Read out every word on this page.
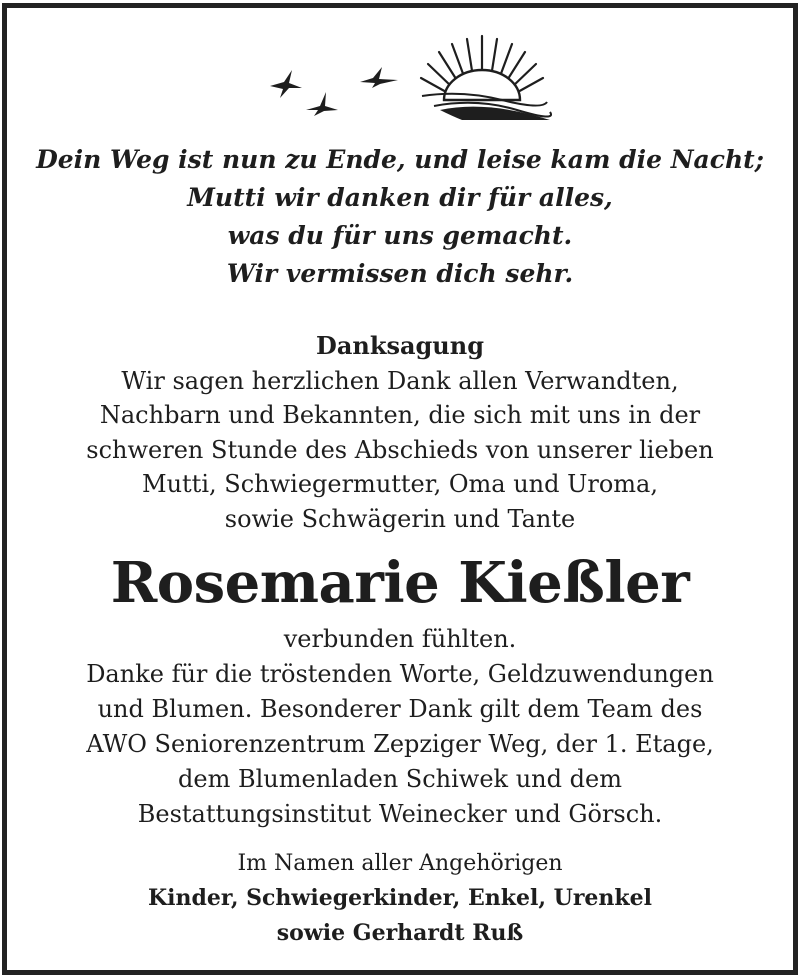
Dein Weg ist nun zu Ende, und leise kam die Nacht;
Mutti wir danken dir für alles,
was du für uns gemacht.
Wir vermissen dich sehr.
Danksagung
Wir sagen herzlichen Dank allen Verwandten,
Nachbarn und Bekannten, die sich mit uns in der
schweren Stunde des Abschieds von unserer lieben
Mutti, Schwiegermutter, Oma und Uroma,
sowie Schwägerin und Tante
Rosemarie Kießler
verbunden fühlten.
Danke für die tröstenden Worte, Geldzuwendungen
und Blumen. Besonderer Dank gilt dem Team des
AWO Seniorenzentrum Zepziger Weg, der 1. Etage,
dem Blumenladen Schiwek und dem
Bestattungsinstitut Weinecker und Görsch.
Im Namen aller Angehörigen
Kinder, Schwiegerkinder, Enkel, Urenkel
sowie Gerhardt Ruß
